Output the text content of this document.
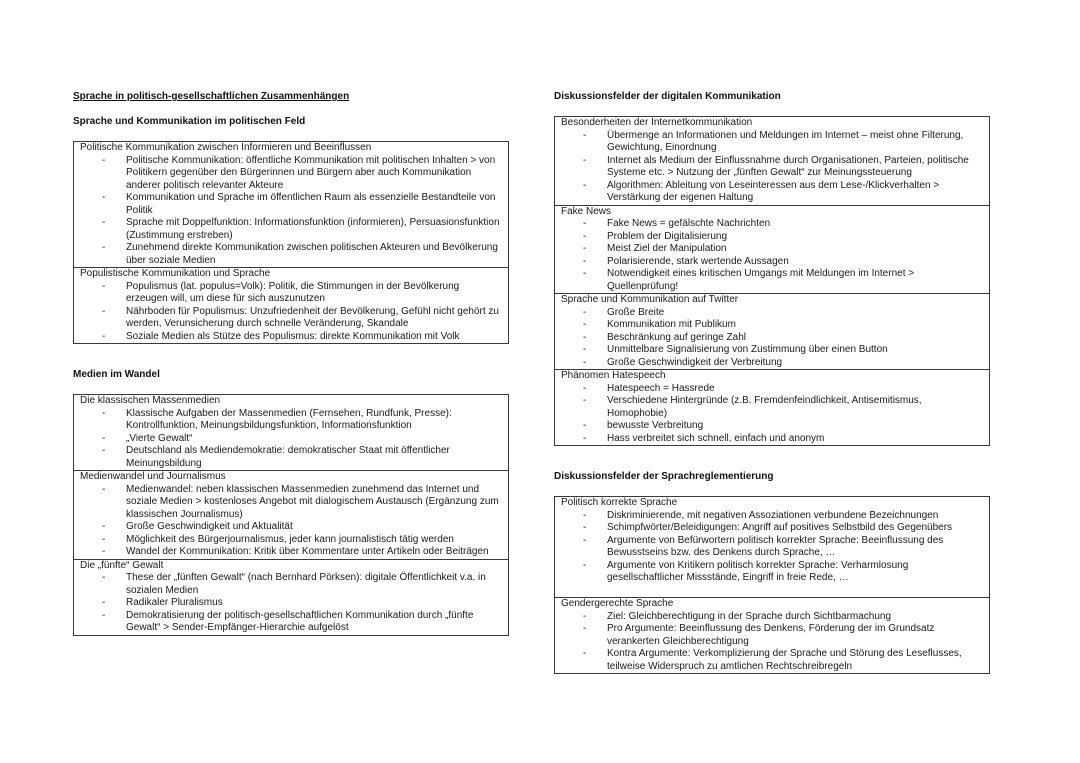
Sprache in politisch-gesellschaftlichen Zusammenhängen

Sprache und Kommunikation im politischen Feld

Politische Kommunikation zwischen Informieren und Beeinflussen

- Politische Kommunikation: öffentliche Kommunikation mit politischen Inhalten > von Politikern gegenüber den Bürgerinnen und Bürgern aber auch Kommunikation anderer politisch relevanter Akteure
- Kommunikation und Sprache im öffentlichen Raum als essenzielle Bestandteile von Politik
- Sprache mit Doppelfunktion: Informationsfunktion (informieren), Persuasionsfunktion (Zustimmung erstreben)
- Zunehmend direkte Kommunikation zwischen politischen Akteuren und Bevölkerung über soziale Medien

Populistische Kommunikation und Sprache

- Populismus (lat. populus=Volk): Politik, die Stimmungen in der Bevölkerung erzeugen will, um diese für sich auszunutzen
- Nährboden für Populismus: Unzufriedenheit der Bevölkerung, Gefühl nicht gehört zu werden, Verunsicherung durch schnelle Veränderung, Skandale
- Soziale Medien als Stütze des Populismus: direkte Kommunikation mit Volk

Medien im Wandel

Die klassischen Massenmedien

- Klassische Aufgaben der Massenmedien (Fernsehen, Rundfunk, Presse): Kontrollfunktion, Meinungsbildungsfunktion, Informationsfunktion
- „Vierte Gewalt“
- Deutschland als Mediendemokratie: demokratischer Staat mit öffentlicher Meinungsbildung

Medienwandel und Journalismus

- Medienwandel: neben klassischen Massenmedien zunehmend das Internet und soziale Medien > kostenloses Angebot mit dialogischem Austausch (Ergänzung zum klassischen Journalismus)
- Große Geschwindigkeit und Aktualität
- Möglichkeit des Bürgerjournalismus, jeder kann journalistisch tätig werden
- Wandel der Kommunikation: Kritik über Kommentare unter Artikeln oder Beiträgen

Die „fünfte“ Gewalt

- These der „fünften Gewalt“ (nach Bernhard Pörksen): digitale Öffentlichkeit v.a. in sozialen Medien
- Radikaler Pluralismus
- Demokratisierung der politisch-gesellschaftlichen Kommunikation durch „fünfte Gewalt“ > Sender-Empfänger-Hierarchie aufgelöst

Diskussionsfelder der digitalen Kommunikation

Besonderheiten der Internetkommunikation

- Übermenge an Informationen und Meldungen im Internet – meist ohne Filterung, Gewichtung, Einordnung
- Internet als Medium der Einflussnahme durch Organisationen, Parteien, politische Systeme etc. > Nutzung der „fünften Gewalt“ zur Meinungssteuerung
- Algorithmen: Ableitung von Leseinteressen aus dem Lese-/Klickverhalten > Verstärkung der eigenen Haltung

Fake News

- Fake News = gefälschte Nachrichten
- Problem der Digitalisierung
- Meist Ziel der Manipulation
- Polarisierende, stark wertende Aussagen
- Notwendigkeit eines kritischen Umgangs mit Meldungen im Internet > Quellenprüfung!

Sprache und Kommunikation auf Twitter

- Große Breite
- Kommunikation mit Publikum
- Beschränkung auf geringe Zahl
- Unmittelbare Signalisierung von Zustimmung über einen Button
- Große Geschwindigkeit der Verbreitung

Phänomen Hatespeech

- Hatespeech = Hassrede
- Verschiedene Hintergründe (z.B. Fremdenfeindlichkeit, Antisemitismus, Homophobie)
- bewusste Verbreitung
- Hass verbreitet sich schnell, einfach und anonym

Diskussionsfelder der Sprachreglementierung

Politisch korrekte Sprache

- Diskriminierende, mit negativen Assoziationen verbundene Bezeichnungen
- Schimpfwörter/Beleidigungen: Angriff auf positives Selbstbild des Gegenübers
- Argumente von Befürwortern politisch korrekter Sprache: Beeinflussung des Bewusstseins bzw. des Denkens durch Sprache, …
- Argumente von Kritikern politisch korrekter Sprache: Verharmlosung gesellschaftlicher Missstände, Eingriff in freie Rede, …

Gendergerechte Sprache

- Ziel: Gleichberechtigung in der Sprache durch Sichtbarmachung
- Pro Argumente: Beeinflussung des Denkens, Förderung der im Grundsatz verankerten Gleichberechtigung
- Kontra Argumente: Verkomplizierung der Sprache und Störung des Leseflusses, teilweise Widerspruch zu amtlichen Rechtschreibregeln
